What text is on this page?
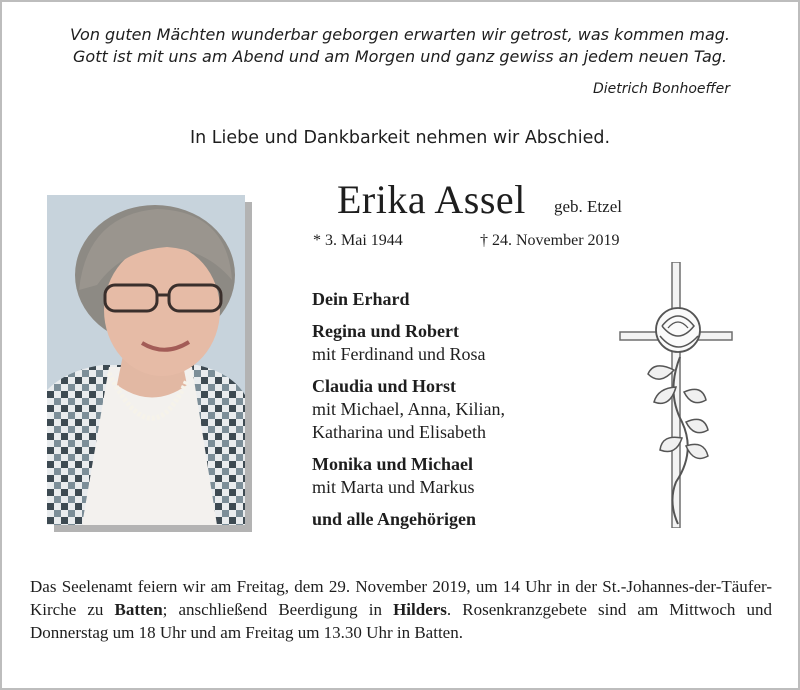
Von guten Mächten wunderbar geborgen erwarten wir getrost, was kommen mag.
Gott ist mit uns am Abend und am Morgen und ganz gewiss an jedem neuen Tag.
Dietrich Bonhoeffer
In Liebe und Dankbarkeit nehmen wir Abschied.
Erika Assel geb. Etzel
* 3. Mai 1944	† 24. November 2019
Dein Erhard
Regina und Robert
mit Ferdinand und Rosa
Claudia und Horst
mit Michael, Anna, Kilian,
Katharina und Elisabeth
Monika und Michael
mit Marta und Markus
und alle Angehörigen
Das Seelenamt feiern wir am Freitag, dem 29. November 2019, um 14 Uhr in der St.-Johannes-der-Täufer-Kirche zu Batten; anschließend Beerdigung in Hilders. Rosenkranzgebete sind am Mittwoch und Donnerstag um 18 Uhr und am Freitag um 13.30 Uhr in Batten.
